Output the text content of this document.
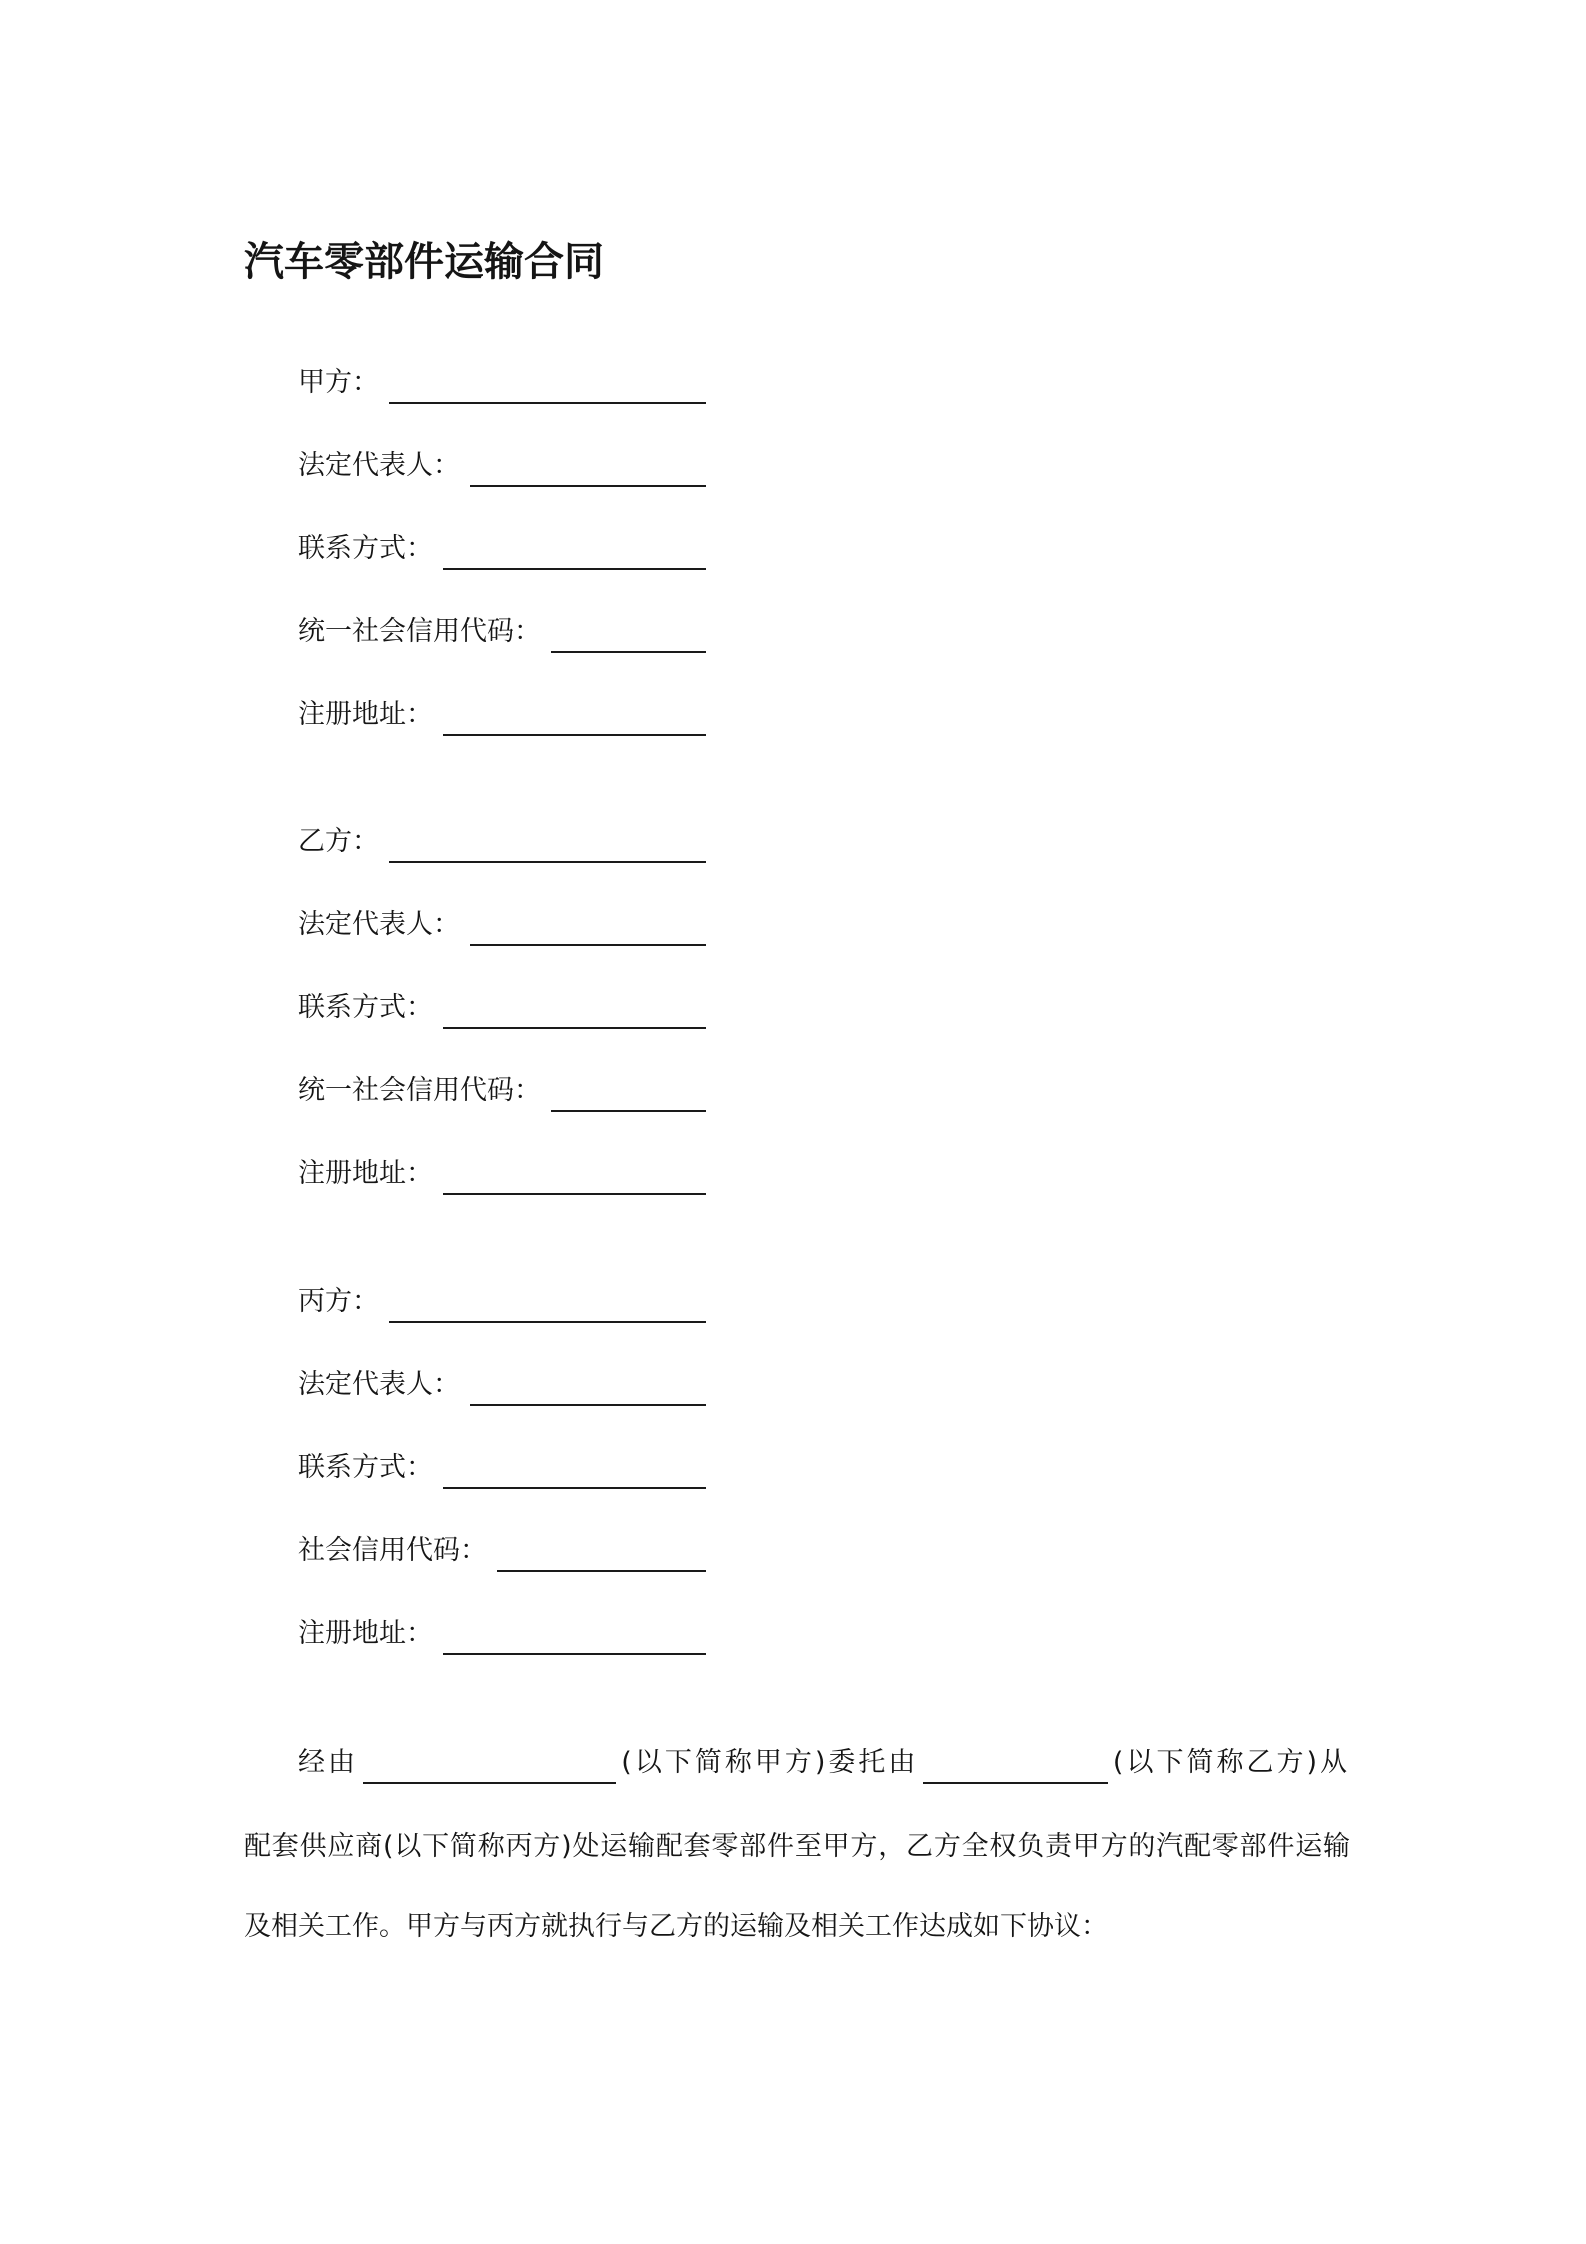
汽车零部件运输合同
甲方：
法定代表人：
联系方式：
统一社会信用代码：
注册地址：
乙方：
法定代表人：
联系方式：
统一社会信用代码：
注册地址：
丙方：
法定代表人：
联系方式：
社会信用代码：
注册地址：
经由	(以下简称甲方)委托由	(以下简称乙方)从
配套供应商(以下简称丙方)处运输配套零部件至甲方，乙方全权负责甲方的汽配零部件运输
及相关工作。甲方与丙方就执行与乙方的运输及相关工作达成如下协议：
